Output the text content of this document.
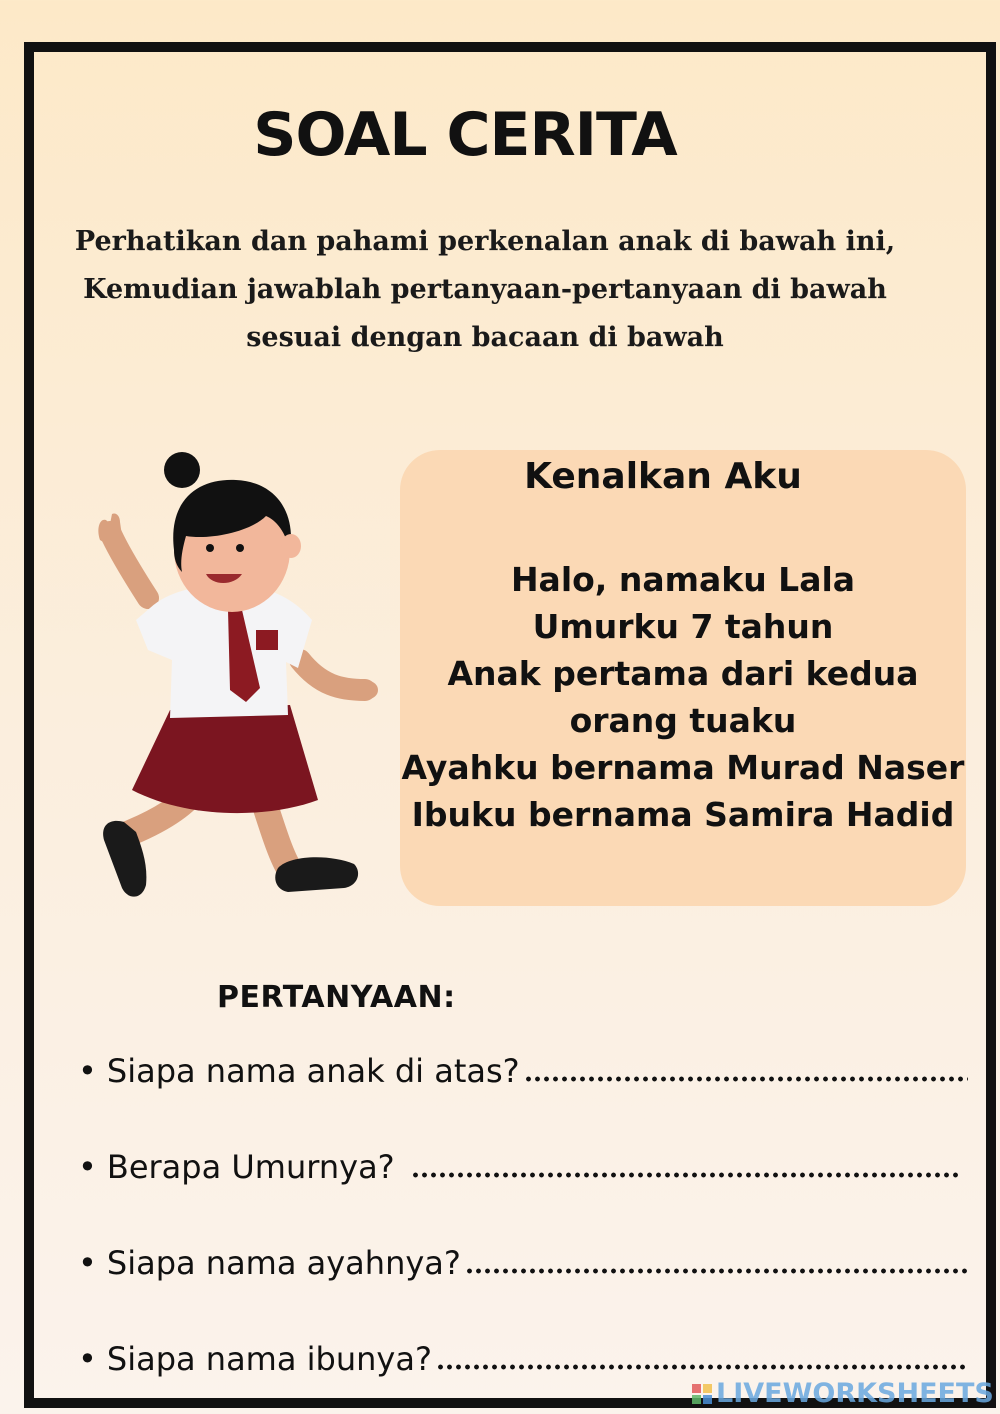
SOAL CERITA
Perhatikan dan pahami perkenalan anak di bawah ini,
Kemudian jawablah pertanyaan-pertanyaan di bawah
sesuai dengan bacaan di bawah
Kenalkan Aku
Halo, namaku Lala
Umurku 7 tahun
Anak pertama dari kedua
orang tuaku
Ayahku bernama Murad Naser
Ibuku bernama Samira Hadid
PERTANYAAN:
• Siapa nama anak di atas?
• Berapa Umurnya?
• Siapa nama ayahnya?
• Siapa nama ibunya?
LIVEWORKSHEETS
